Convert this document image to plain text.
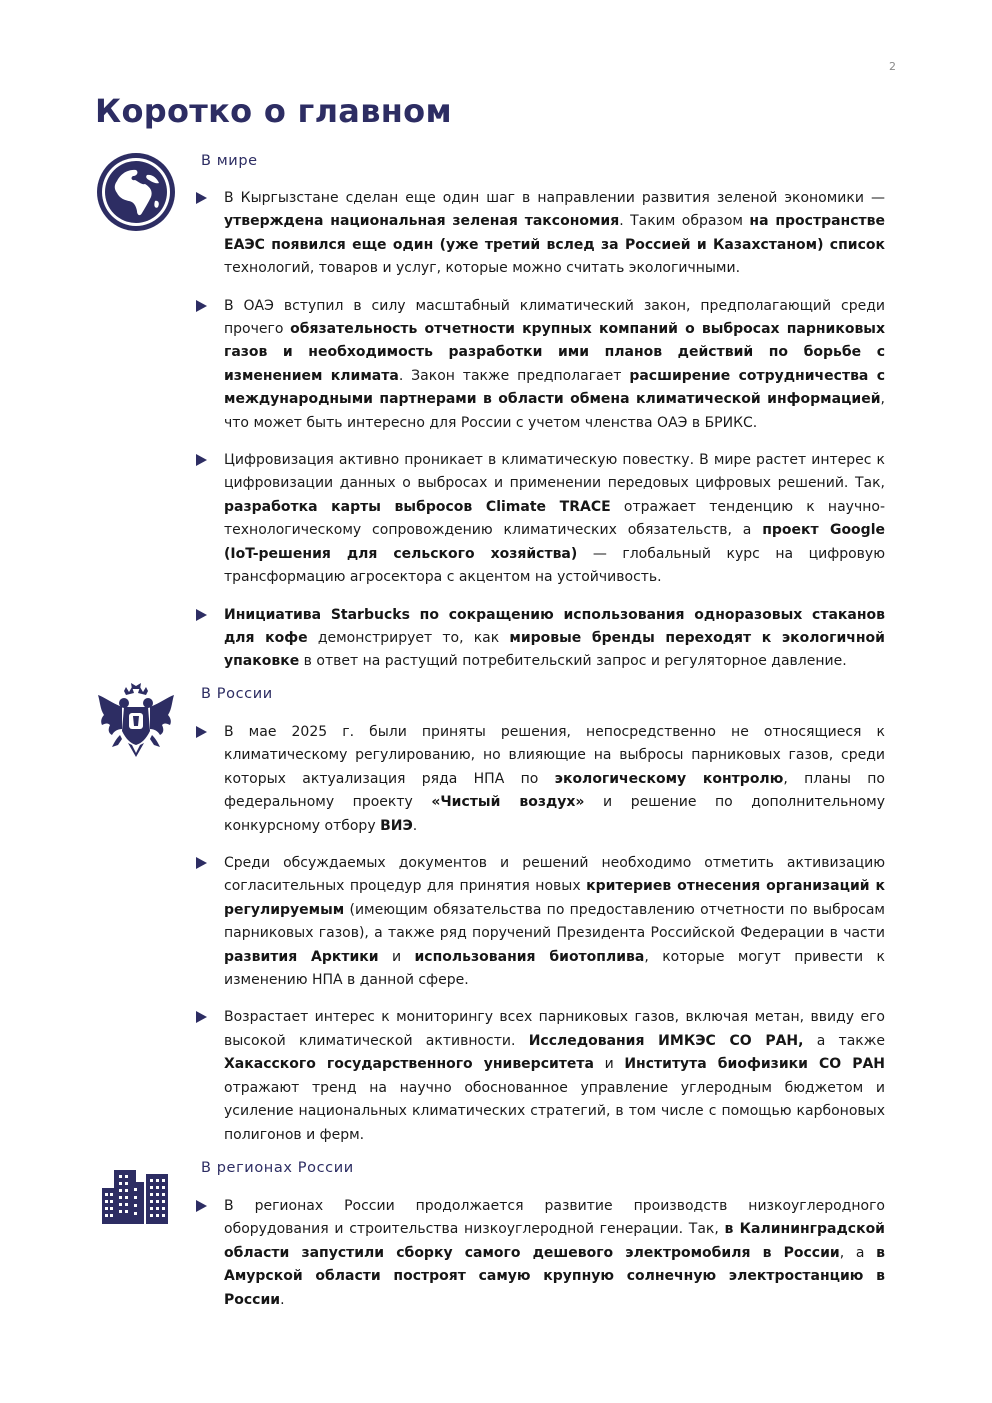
2
Коротко о главном
В мире

В Кыргызстане сделан еще один шаг в направлении развития зеленой экономики — утверждена национальная зеленая таксономия. Таким образом на пространстве ЕАЭС появился еще один (уже третий вслед за Россией и Казахстаном) список технологий, товаров и услуг, которые можно считать экологичными.

В ОАЭ вступил в силу масштабный климатический закон, предполагающий среди прочего обязательность отчетности крупных компаний о выбросах парниковых газов и необходимость разработки ими планов действий по борьбе с изменением климата. Закон также предполагает расширение сотрудничества с международными партнерами в области обмена климатической информацией, что может быть интересно для России с учетом членства ОАЭ в БРИКС.

Цифровизация активно проникает в климатическую повестку. В мире растет интерес к цифровизации данных о выбросах и применении передовых цифровых решений. Так, разработка карты выбросов Climate TRACE отражает тенденцию к научно-технологическому сопровождению климатических обязательств, а проект Google (IoT-решения для сельского хозяйства) — глобальный курс на цифровую трансформацию агросектора с акцентом на устойчивость.

Инициатива Starbucks по сокращению использования одноразовых стаканов для кофе демонстрирует то, как мировые бренды переходят к экологичной упаковке в ответ на растущий потребительский запрос и регуляторное давление.

В России

В мае 2025 г. были приняты решения, непосредственно не относящиеся к климатическому регулированию, но влияющие на выбросы парниковых газов, среди которых актуализация ряда НПА по экологическому контролю, планы по федеральному проекту «Чистый воздух» и решение по дополнительному конкурсному отбору ВИЭ.

Среди обсуждаемых документов и решений необходимо отметить активизацию согласительных процедур для принятия новых критериев отнесения организаций к регулируемым (имеющим обязательства по предоставлению отчетности по выбросам парниковых газов), а также ряд поручений Президента Российской Федерации в части развития Арктики и использования биотоплива, которые могут привести к изменению НПА в данной сфере.

Возрастает интерес к мониторингу всех парниковых газов, включая метан, ввиду его высокой климатической активности. Исследования ИМКЭС СО РАН, а также Хакасского государственного университета и Института биофизики СО РАН отражают тренд на научно обоснованное управление углеродным бюджетом и усиление национальных климатических стратегий, в том числе с помощью карбоновых полигонов и ферм.

В регионах России

В регионах России продолжается развитие производств низкоуглеродного оборудования и строительства низкоуглеродной генерации. Так, в Калининградской области запустили сборку самого дешевого электромобиля в России, а в Амурской области построят самую крупную солнечную электростанцию в России.
